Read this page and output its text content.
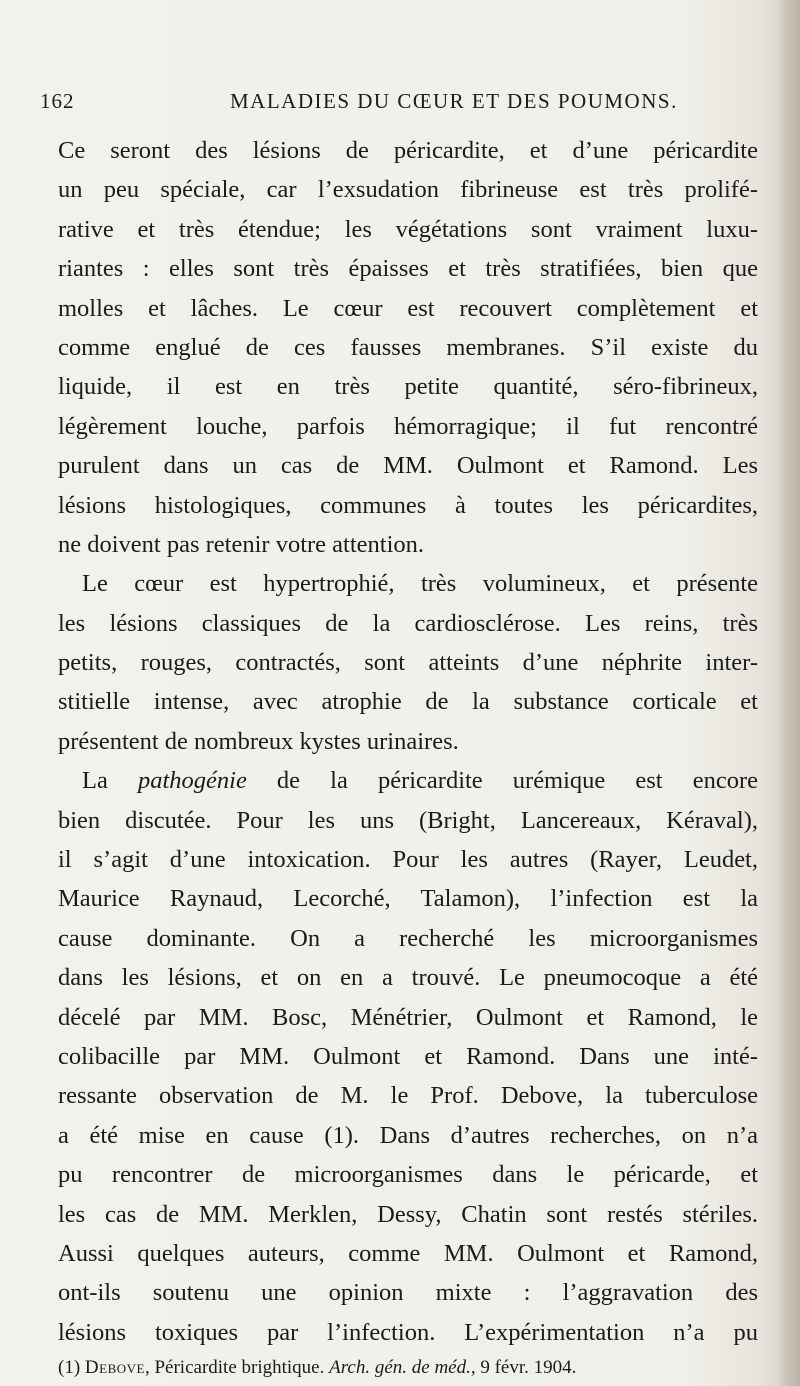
162	MALADIES DU CŒUR ET DES POUMONS.
Ce seront des lésions de péricardite, et d’une péricardite
un peu spéciale, car l’exsudation fibrineuse est très prolifé-
rative et très étendue; les végétations sont vraiment luxu-
riantes : elles sont très épaisses et très stratifiées, bien que
molles et lâches. Le cœur est recouvert complètement et
comme englué de ces fausses membranes. S’il existe du
liquide, il est en très petite quantité, séro-fibrineux,
légèrement louche, parfois hémorragique; il fut rencontré
purulent dans un cas de MM. Oulmont et Ramond. Les
lésions histologiques, communes à toutes les péricardites,
ne doivent pas retenir votre attention.
Le cœur est hypertrophié, très volumineux, et présente
les lésions classiques de la cardiosclérose. Les reins, très
petits, rouges, contractés, sont atteints d’une néphrite inter-
stitielle intense, avec atrophie de la substance corticale et
présentent de nombreux kystes urinaires.
La pathogénie de la péricardite urémique est encore
bien discutée. Pour les uns (Bright, Lancereaux, Kéraval),
il s’agit d’une intoxication. Pour les autres (Rayer, Leudet,
Maurice Raynaud, Lecorché, Talamon), l’infection est la
cause dominante. On a recherché les microorganismes
dans les lésions, et on en a trouvé. Le pneumocoque a été
décelé par MM. Bosc, Ménétrier, Oulmont et Ramond, le
colibacille par MM. Oulmont et Ramond. Dans une inté-
ressante observation de M. le Prof. Debove, la tuberculose
a été mise en cause (1). Dans d’autres recherches, on n’a
pu rencontrer de microorganismes dans le péricarde, et
les cas de MM. Merklen, Dessy, Chatin sont restés stériles.
Aussi quelques auteurs, comme MM. Oulmont et Ramond,
ont-ils soutenu une opinion mixte : l’aggravation des
lésions toxiques par l’infection. L’expérimentation n’a pu
(1) Debove, Péricardite brightique. Arch. gén. de méd., 9 févr. 1904.
